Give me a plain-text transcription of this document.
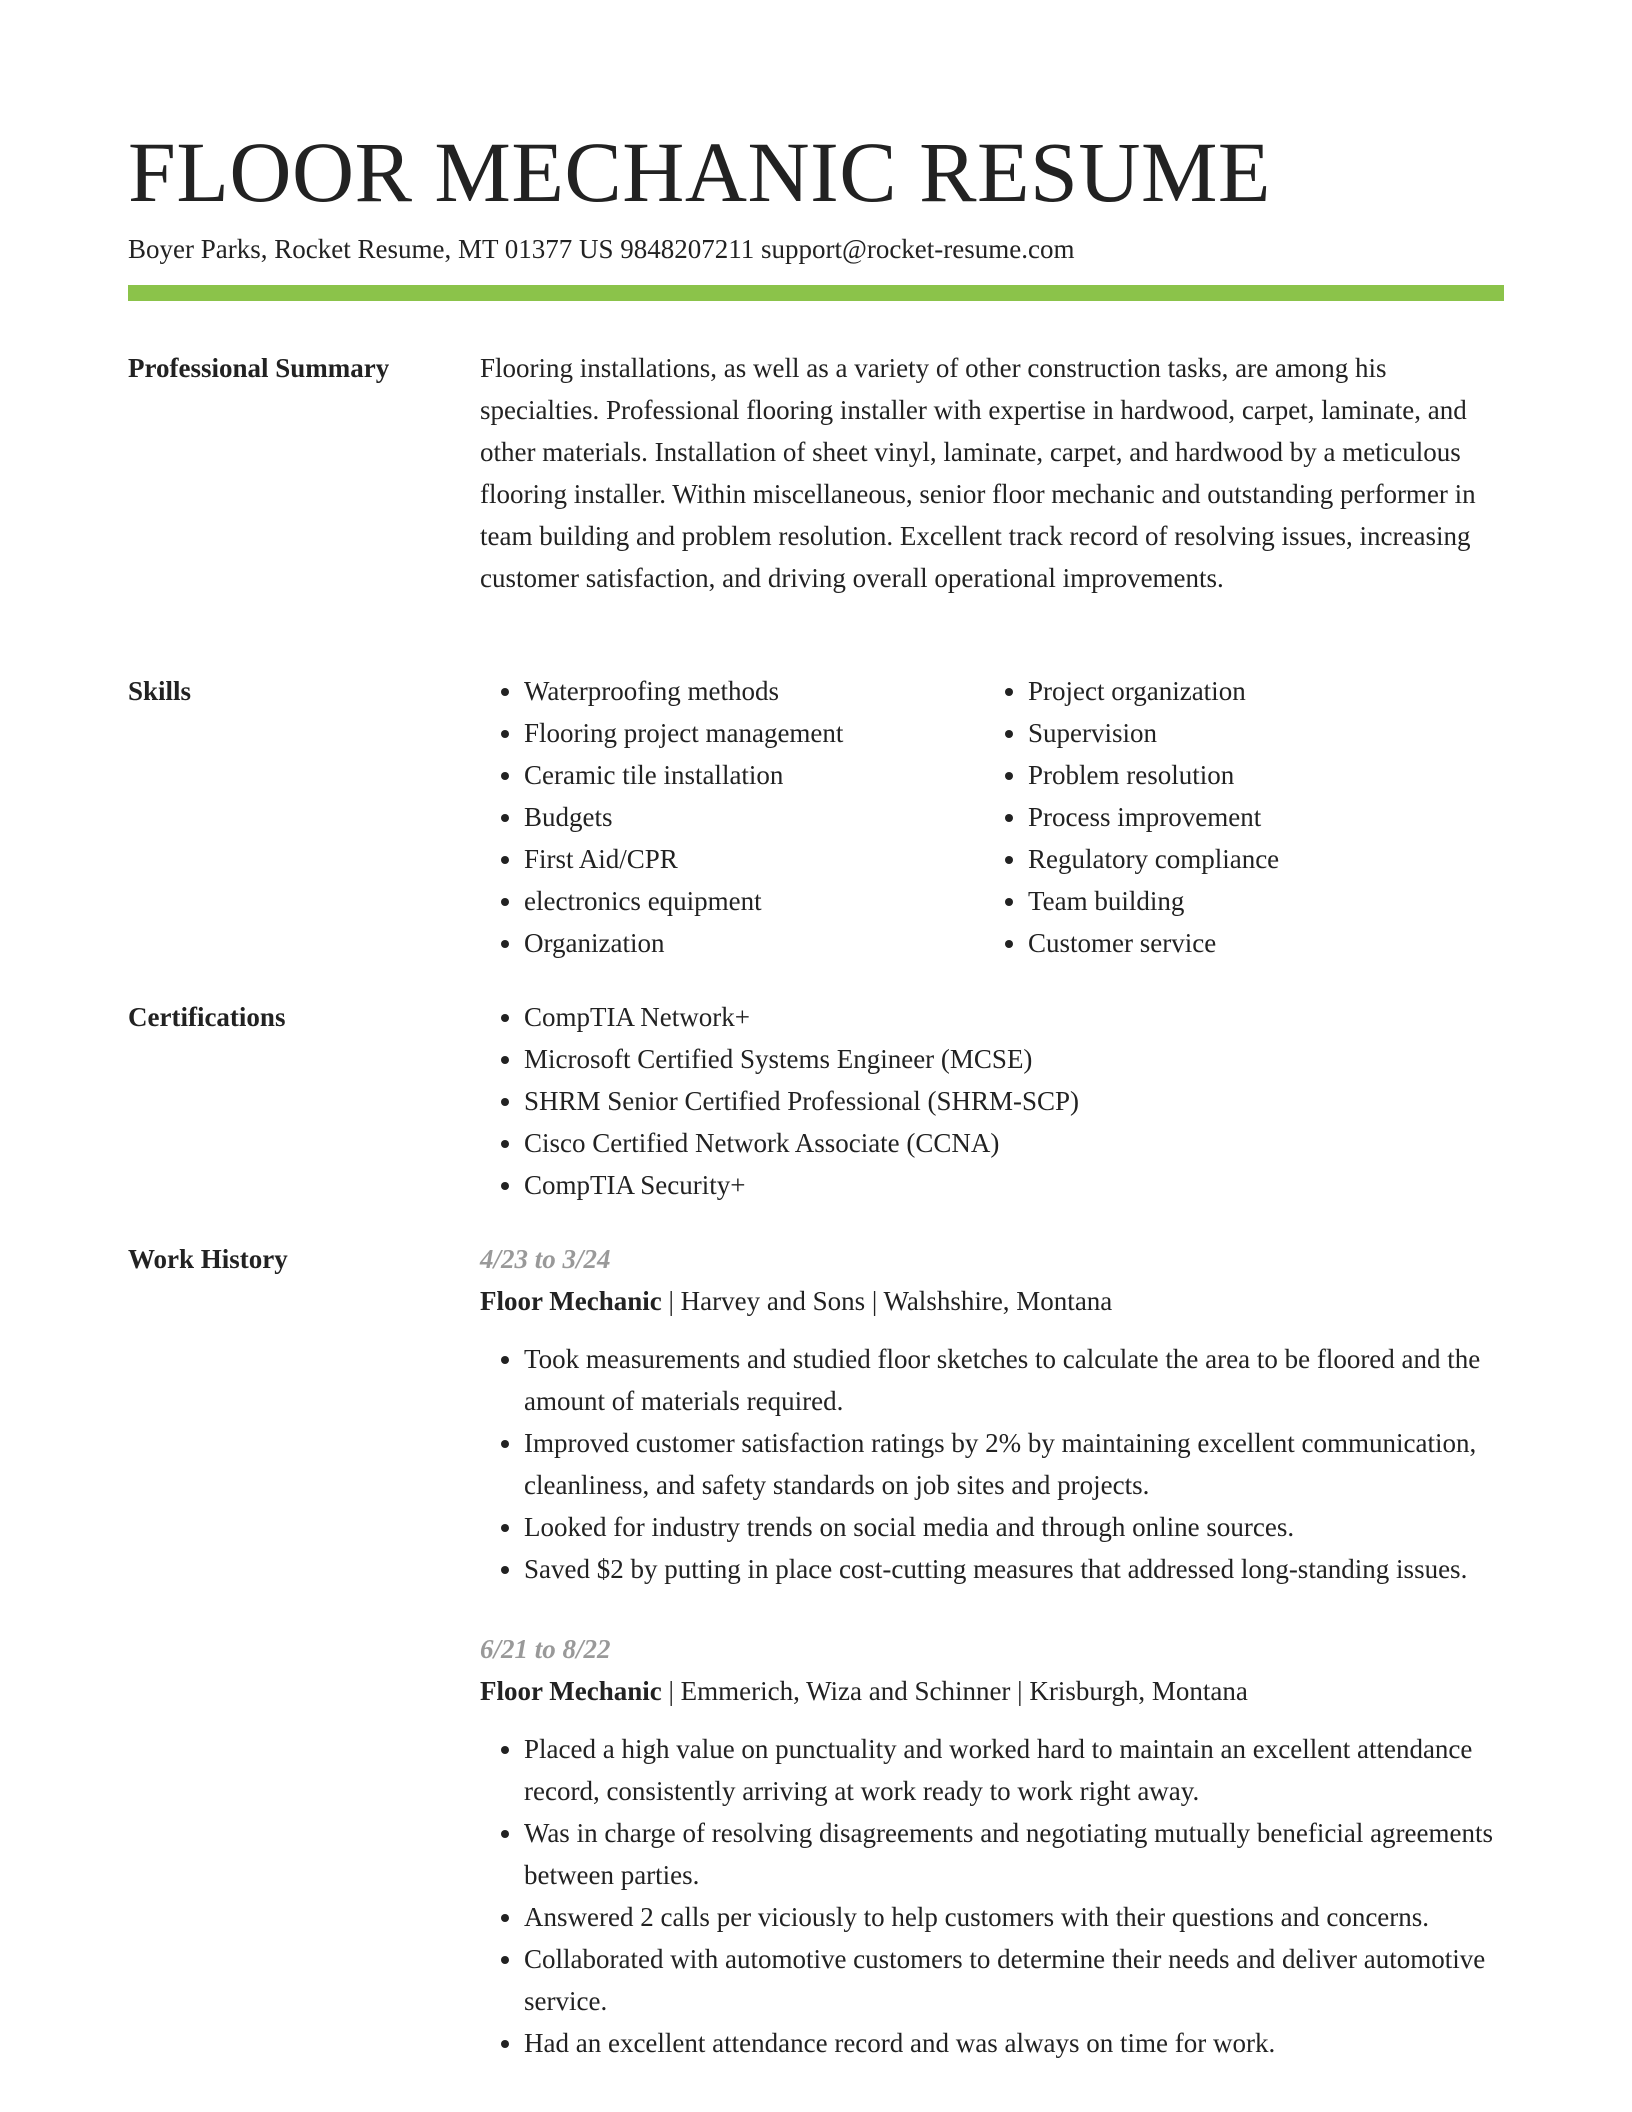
FLOOR MECHANIC RESUME
Boyer Parks, Rocket Resume, MT 01377 US 9848207211 support@rocket-resume.com
Professional Summary	Flooring installations, as well as a variety of other construction tasks, are among his specialties. Professional flooring installer with expertise in hardwood, carpet, laminate, and other materials. Installation of sheet vinyl, laminate, carpet, and hardwood by a meticulous flooring installer. Within miscellaneous, senior floor mechanic and outstanding performer in team building and problem resolution. Excellent track record of resolving issues, increasing customer satisfaction, and driving overall operational improvements.

Skills	• Waterproofing methods
• Flooring project management
• Ceramic tile installation
• Budgets
• First Aid/CPR
• electronics equipment
• Organization
• Project organization
• Supervision
• Problem resolution
• Process improvement
• Regulatory compliance
• Team building
• Customer service
Certifications	• CompTIA Network+
• Microsoft Certified Systems Engineer (MCSE)
• SHRM Senior Certified Professional (SHRM-SCP)
• Cisco Certified Network Associate (CCNA)
• CompTIA Security+
Work History	4/23 to 3/24
Floor Mechanic | Harvey and Sons | Walshshire, Montana
• Took measurements and studied floor sketches to calculate the area to be floored and the amount of materials required.
• Improved customer satisfaction ratings by 2% by maintaining excellent communication, cleanliness, and safety standards on job sites and projects.
• Looked for industry trends on social media and through online sources.
• Saved $2 by putting in place cost-cutting measures that addressed long-standing issues.
6/21 to 8/22
Floor Mechanic | Emmerich, Wiza and Schinner | Krisburgh, Montana
• Placed a high value on punctuality and worked hard to maintain an excellent attendance record, consistently arriving at work ready to work right away.
• Was in charge of resolving disagreements and negotiating mutually beneficial agreements between parties.
• Answered 2 calls per viciously to help customers with their questions and concerns.
• Collaborated with automotive customers to determine their needs and deliver automotive service.
• Had an excellent attendance record and was always on time for work.
